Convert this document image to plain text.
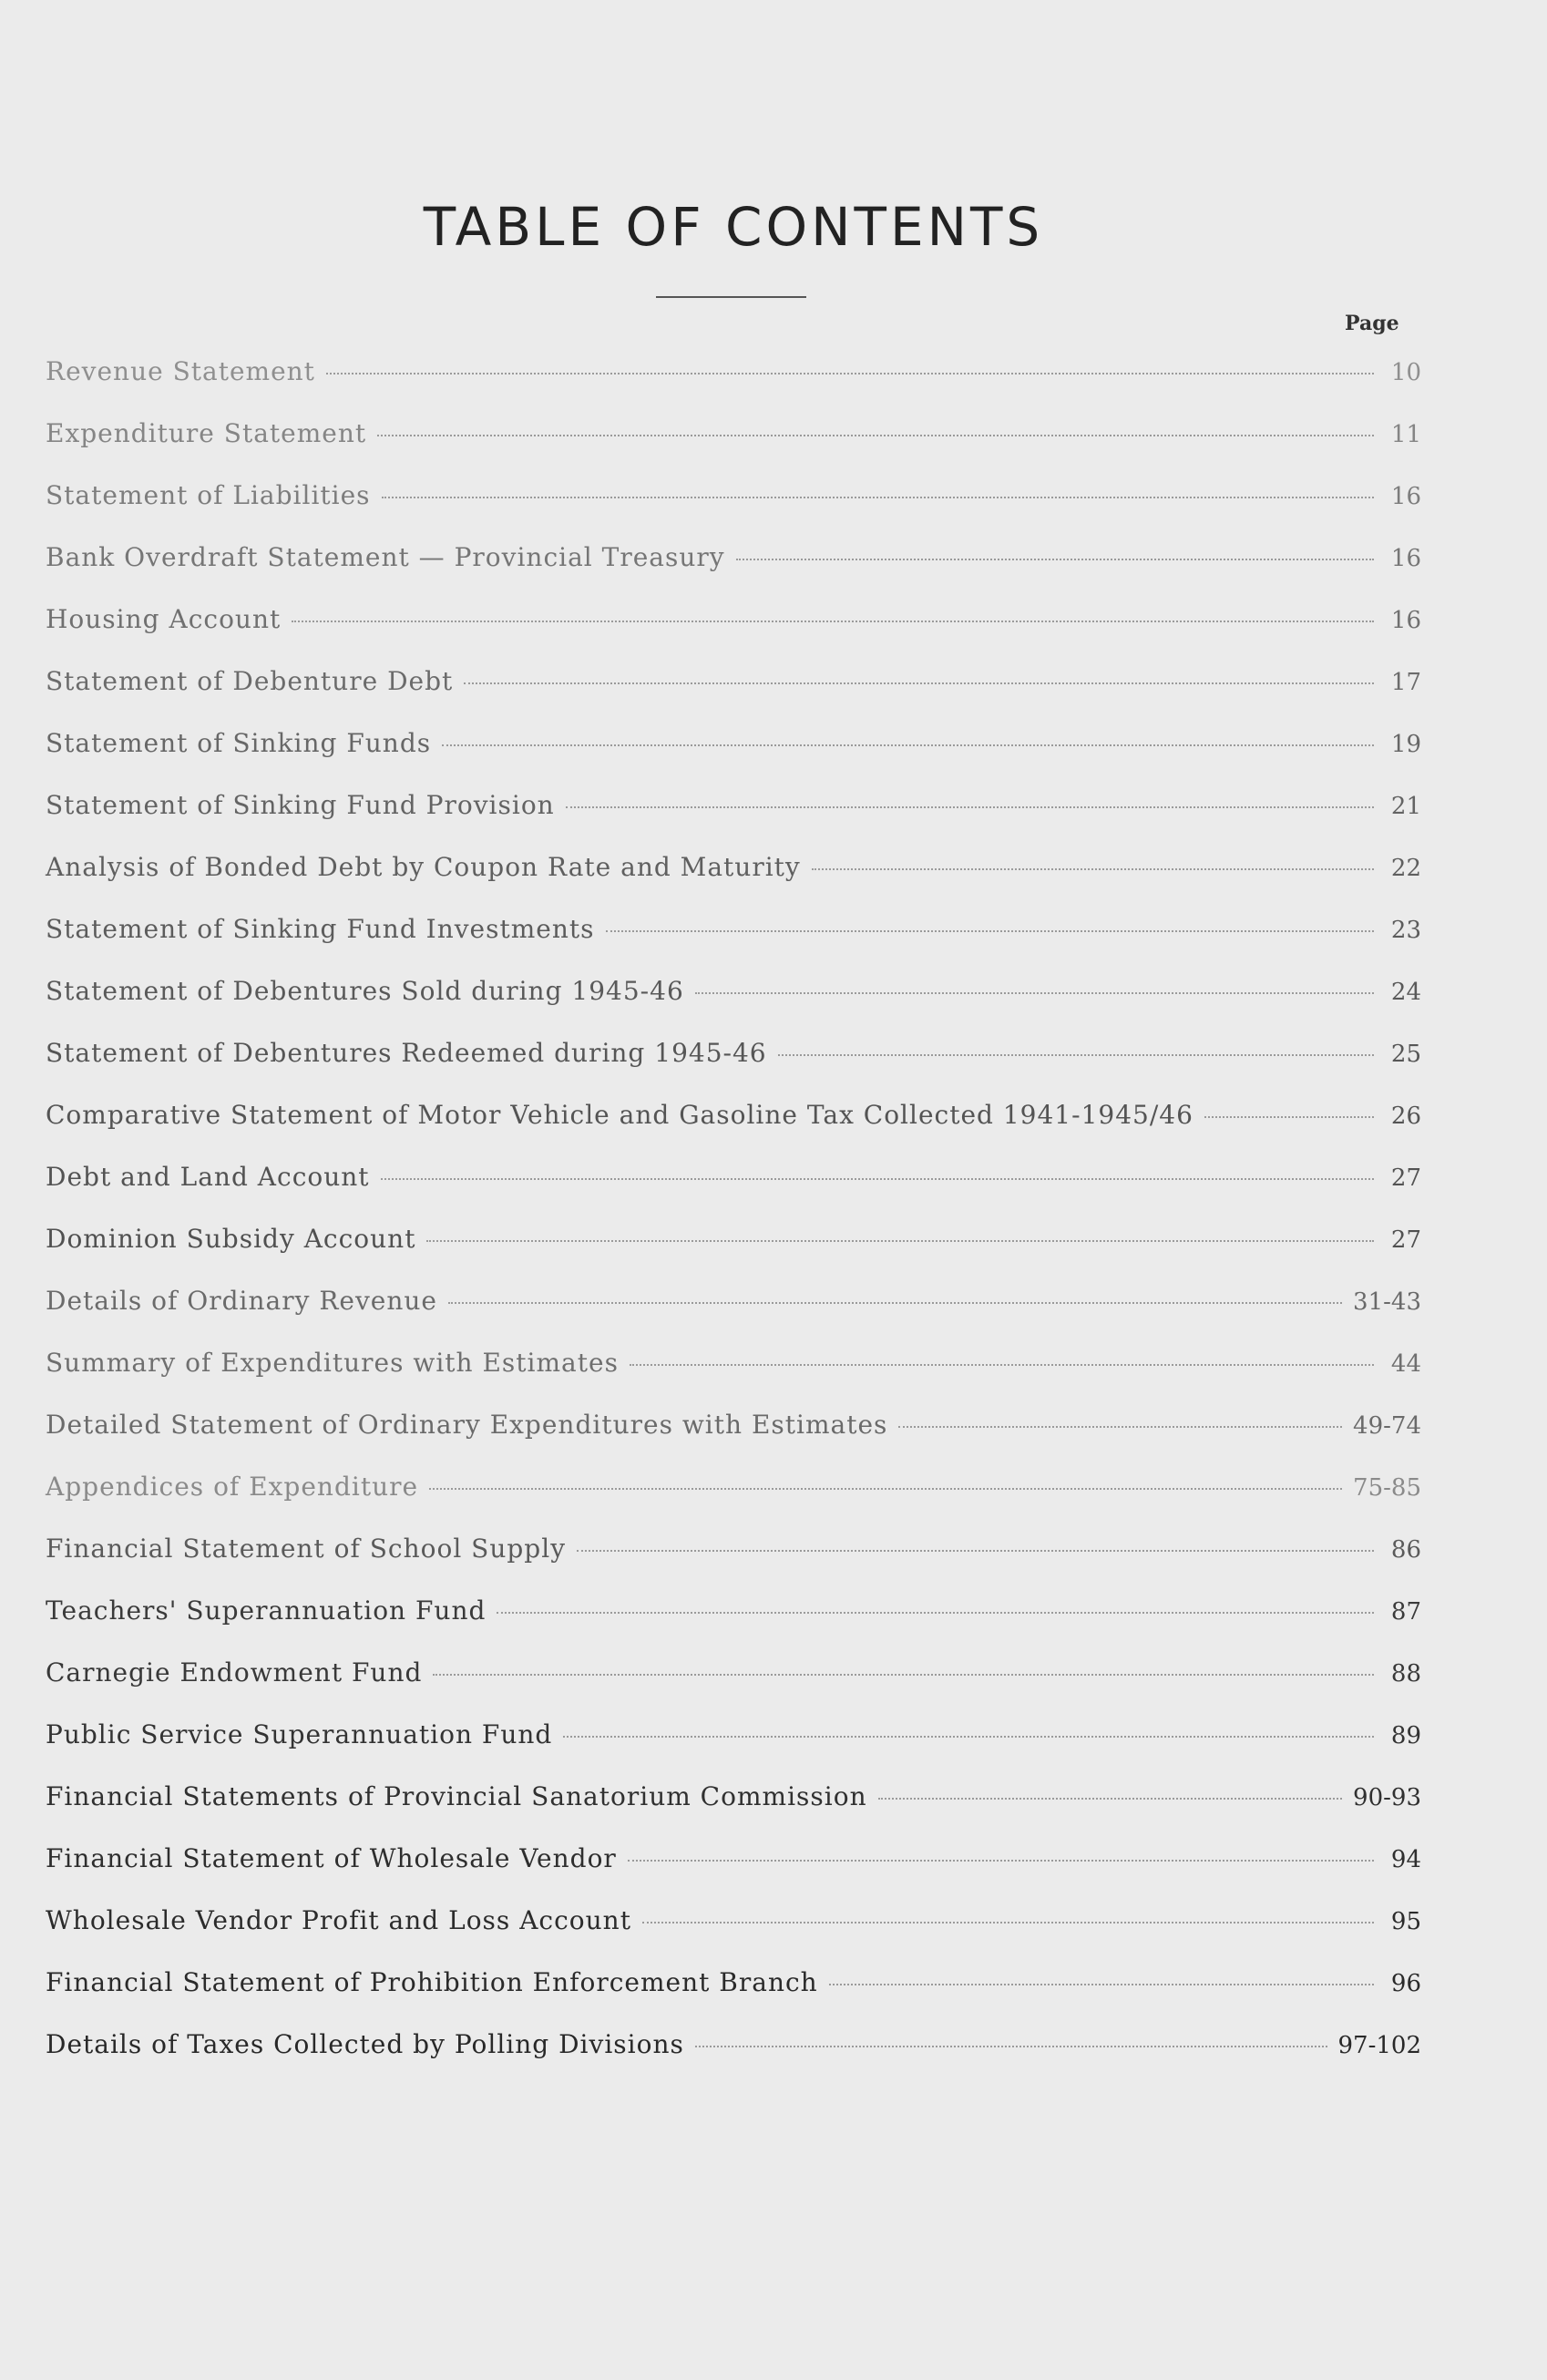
TABLE OF CONTENTS
Page
Revenue Statement	10
Expenditure Statement	11
Statement of Liabilities	16
Bank Overdraft Statement — Provincial Treasury	16
Housing Account	16
Statement of Debenture Debt	17
Statement of Sinking Funds	19
Statement of Sinking Fund Provision	21
Analysis of Bonded Debt by Coupon Rate and Maturity	22
Statement of Sinking Fund Investments	23
Statement of Debentures Sold during 1945-46	24
Statement of Debentures Redeemed during 1945-46	25
Comparative Statement of Motor Vehicle and Gasoline Tax Collected 1941-1945/46	26
Debt and Land Account	27
Dominion Subsidy Account	27
Details of Ordinary Revenue	31-43
Summary of Expenditures with Estimates	44
Detailed Statement of Ordinary Expenditures with Estimates	49-74
Appendices of Expenditure	75-85
Financial Statement of School Supply	86
Teachers' Superannuation Fund	87
Carnegie Endowment Fund	88
Public Service Superannuation Fund	89
Financial Statements of Provincial Sanatorium Commission	90-93
Financial Statement of Wholesale Vendor	94
Wholesale Vendor Profit and Loss Account	95
Financial Statement of Prohibition Enforcement Branch	96
Details of Taxes Collected by Polling Divisions	97-102
